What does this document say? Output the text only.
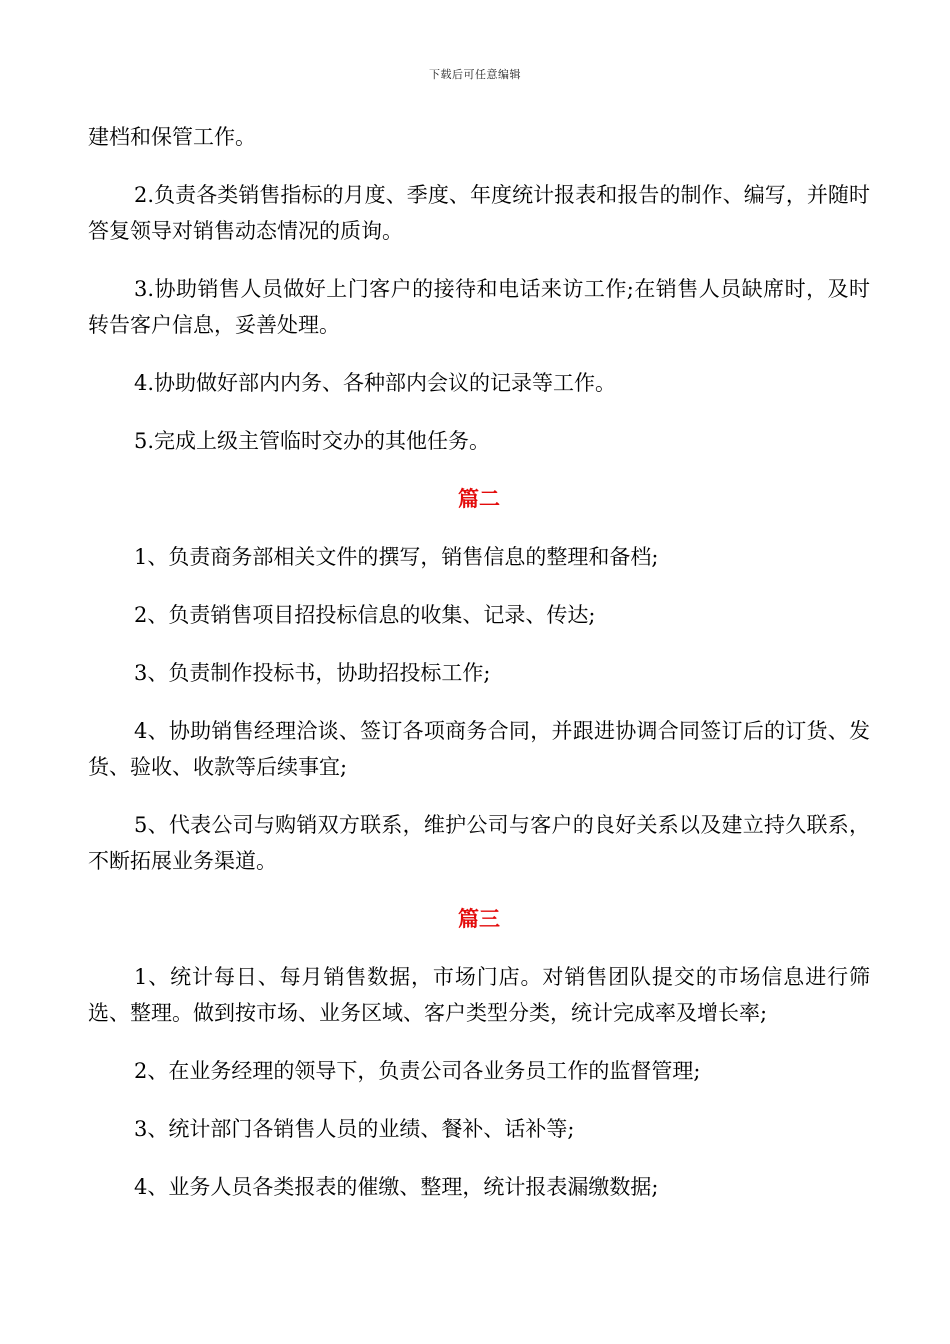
下载后可任意编辑

建档和保管工作。

2.负责各类销售指标的月度、季度、年度统计报表和报告的制作、编写，并随时答复领导对销售动态情况的质询。

3.协助销售人员做好上门客户的接待和电话来访工作;在销售人员缺席时，及时转告客户信息，妥善处理。

4.协助做好部内内务、各种部内会议的记录等工作。

5.完成上级主管临时交办的其他任务。

篇二

1、负责商务部相关文件的撰写，销售信息的整理和备档;

2、负责销售项目招投标信息的收集、记录、传达;

3、负责制作投标书，协助招投标工作;

4、协助销售经理洽谈、签订各项商务合同，并跟进协调合同签订后的订货、发货、验收、收款等后续事宜;

5、代表公司与购销双方联系，维护公司与客户的良好关系以及建立持久联系，不断拓展业务渠道。

篇三

1、统计每日、每月销售数据，市场门店。对销售团队提交的市场信息进行筛选、整理。做到按市场、业务区域、客户类型分类，统计完成率及增长率;

2、在业务经理的领导下，负责公司各业务员工作的监督管理;

3、统计部门各销售人员的业绩、餐补、话补等;

4、业务人员各类报表的催缴、整理，统计报表漏缴数据;
